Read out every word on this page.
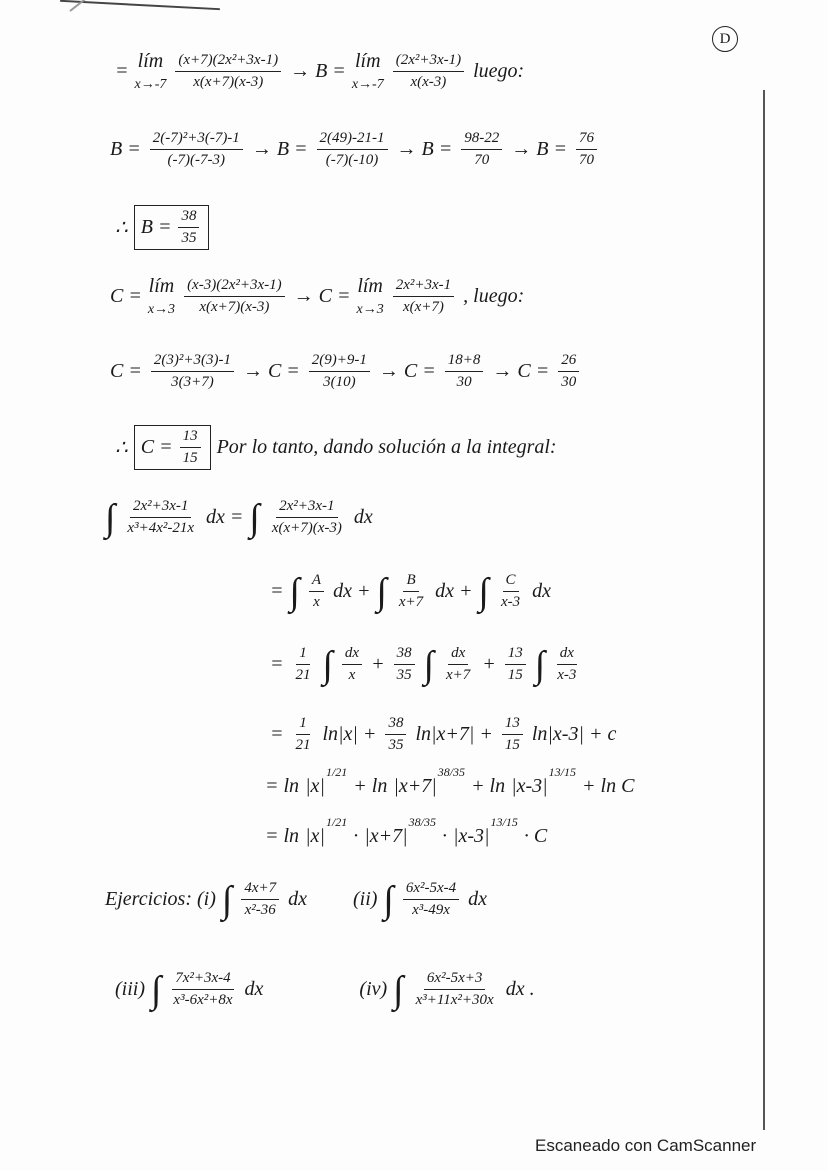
D
= lím
$x\to-7 \frac{\text{(x+7)(2x²+3x-1)}}{x(x+7)(x-3)} \to B$ = lím
$x\to-7 \frac{\text{(2x²+3x-1)}}{x(x-3)}$ luego:
$B = \frac{\text{2(-7)²+3(-7)-1}}{(-7)(-7-3)} \to B = \frac{2(49)-21-1}{(-7)(-10)} \to B = \frac{98-22}{70} \to B = \frac{76}{70}$
∴ $B = \frac{38}{35}$
C = lím
$x\to 3 \frac{\text{(x-3)(2x²+3x-1)}}{x(x+7)(x-3)} \to C$ = lím
$x\to 3 \frac{\text{2x²+3x-1}}{x(x+7)}$ , luego:
$C = \frac{\text{2(3)²+3(3)-1}}{3(3+7)} \to C = \frac{2(9)+9-1}{3(10)} \to C = \frac{18+8}{30} \to C = \frac{26}{30}$
∴ $C = \frac{13}{15}$ Por lo tanto, dando solución a la integral:
∫ $\frac{\text{2x²+3x-1}}{\text{x³+4x²-21x}}$ dx = ∫ $\frac{\text{2x²+3x-1}}{x(x+7)(x-3)}$ dx
= ∫ $\frac{A}{x}$ dx + ∫ $\frac{B}{x+7}$ dx + ∫ $\frac{C}{x-3}$ dx
= $\frac{1}{21}$ ∫ $\frac{dx}{x} + \frac{38}{35}$ ∫ $\frac{dx}{x+7} + \frac{13}{15}$ ∫ $\frac{dx}{x-3}$
= $\frac{1}{21} \ln|x| + \frac{38}{35} \ln|x+7| + \frac{13}{15} \ln|x-3| + c$
= ln |x|
1/21
+ ln |x+7|
38/35
+ ln |x-3|
13/15
+ ln C
= ln |x|
1/21
· |x+7|
38/35
· |x-3|
13/15
· C
Ejercicios: (i) ∫ $\frac{4x+7}{\text{x²-36}}$ dx (ii) ∫ $\frac{\text{6x²-5x-4}}{\text{x³-49x}}$ dx
(iii) ∫ $\frac{\text{7x²+3x-4}}{\text{x³-6x²+8x}}$ dx	(iv) ∫ $\frac{\text{6x²-5x+3}}{\text{x³+11x²+30x}}$ dx .
Escaneado con CamScanner
